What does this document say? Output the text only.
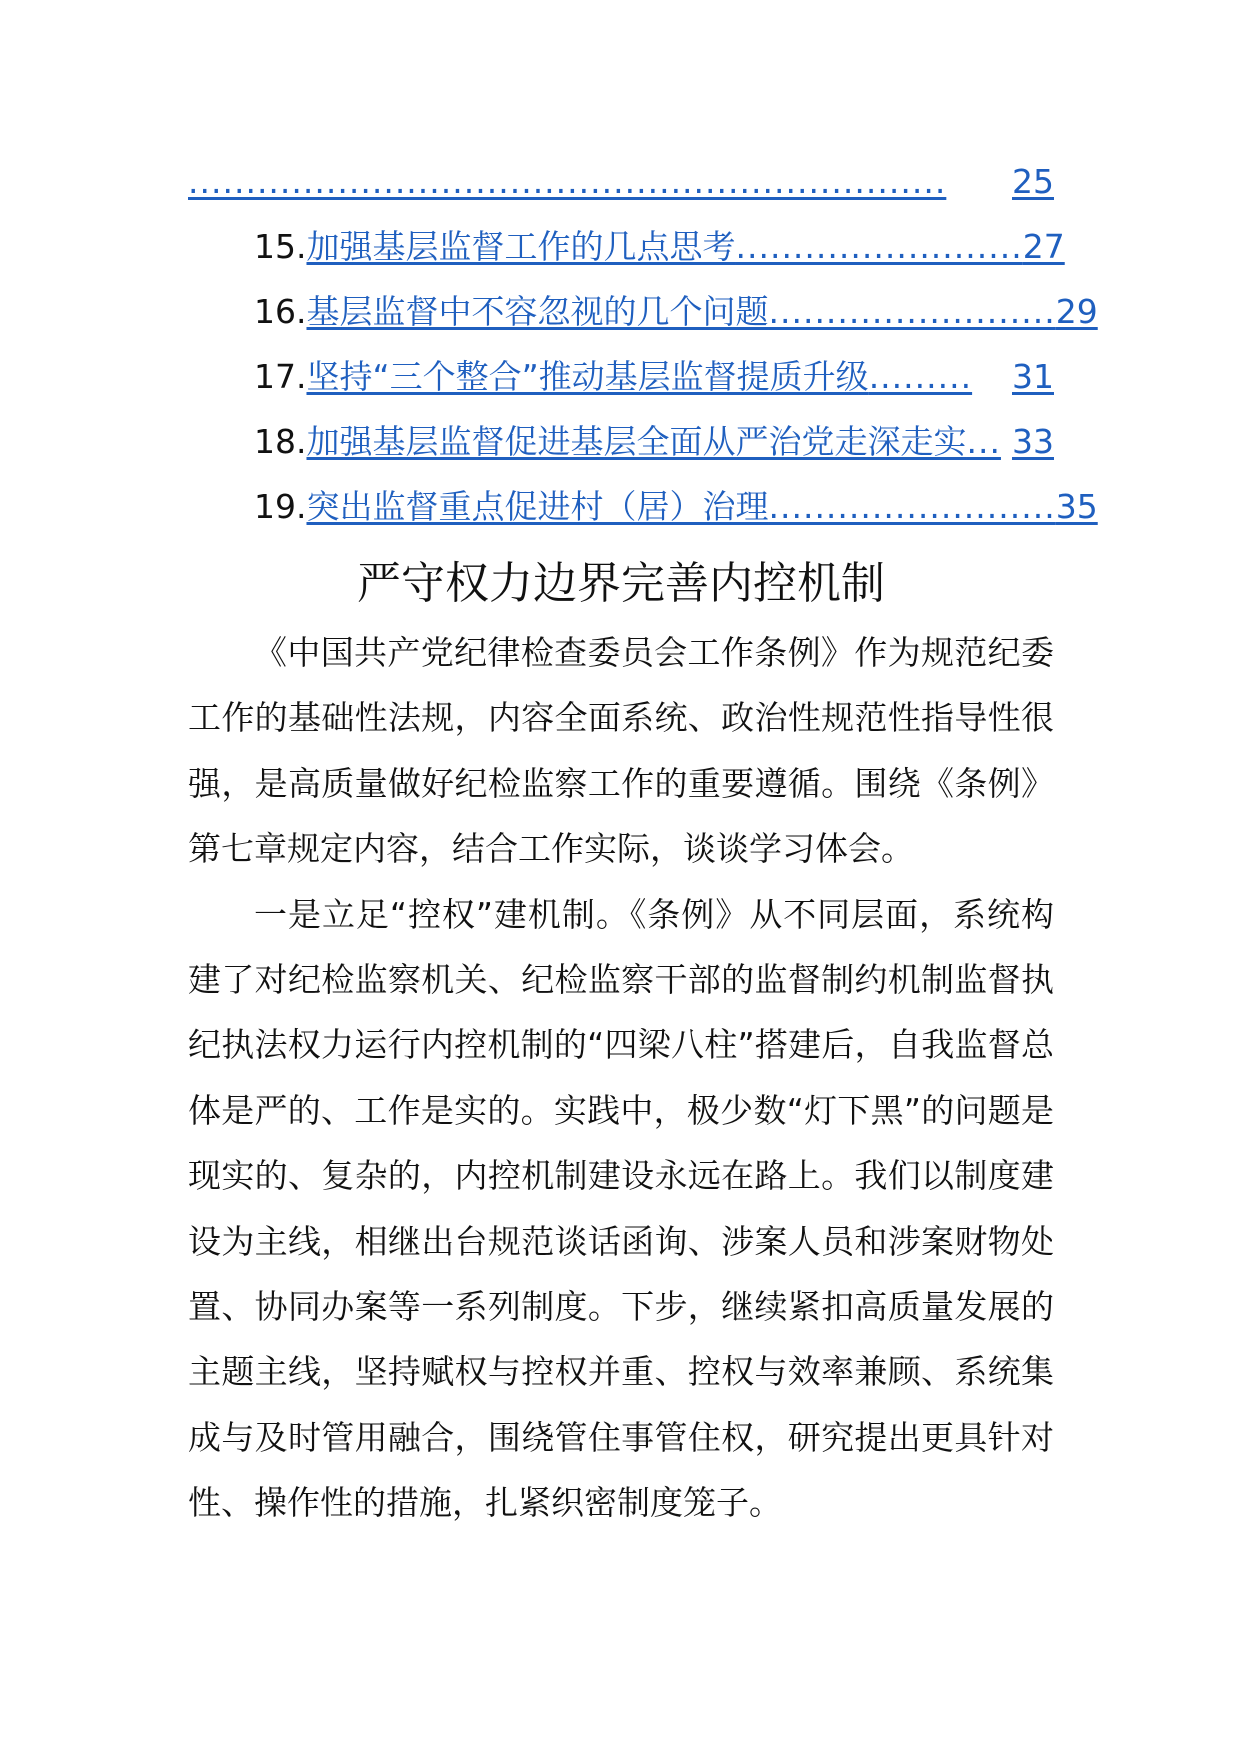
..................................................................	25
15. 加强基层监督工作的几点思考 ......................... 27
16. 基层监督中不容忽视的几个问题 ......................... 29
17. 坚持“三个整合”推动基层监督提质升级 .........	31
18. 加强基层监督促进基层全面从严治党走深走实 ... 33
19. 突出监督重点促进村（居）治理 ......................... 35
严守权力边界完善内控机制

《中国共产党纪律检查委员会工作条例》作为规范纪委工作的基础性法规，内容全面系统、政治性规范性指导性很强，是高质量做好纪检监察工作的重要遵循。围绕《条例》第七章规定内容，结合工作实际，谈谈学习体会。

一是立足“控权”建机制。《条例》从不同层面，系统构建了对纪检监察机关、纪检监察干部的监督制约机制监督执纪执法权力运行内控机制的“四梁八柱”搭建后，自我监督总体是严的、工作是实的。实践中，极少数“灯下黑”的问题是现实的、复杂的，内控机制建设永远在路上。我们以制度建设为主线，相继出台规范谈话函询、涉案人员和涉案财物处置、协同办案等一系列制度。下步，继续紧扣高质量发展的主题主线，坚持赋权与控权并重、控权与效率兼顾、系统集成与及时管用融合，围绕管住事管住权，研究提出更具针对性、操作性的措施，扎紧织密制度笼子。
